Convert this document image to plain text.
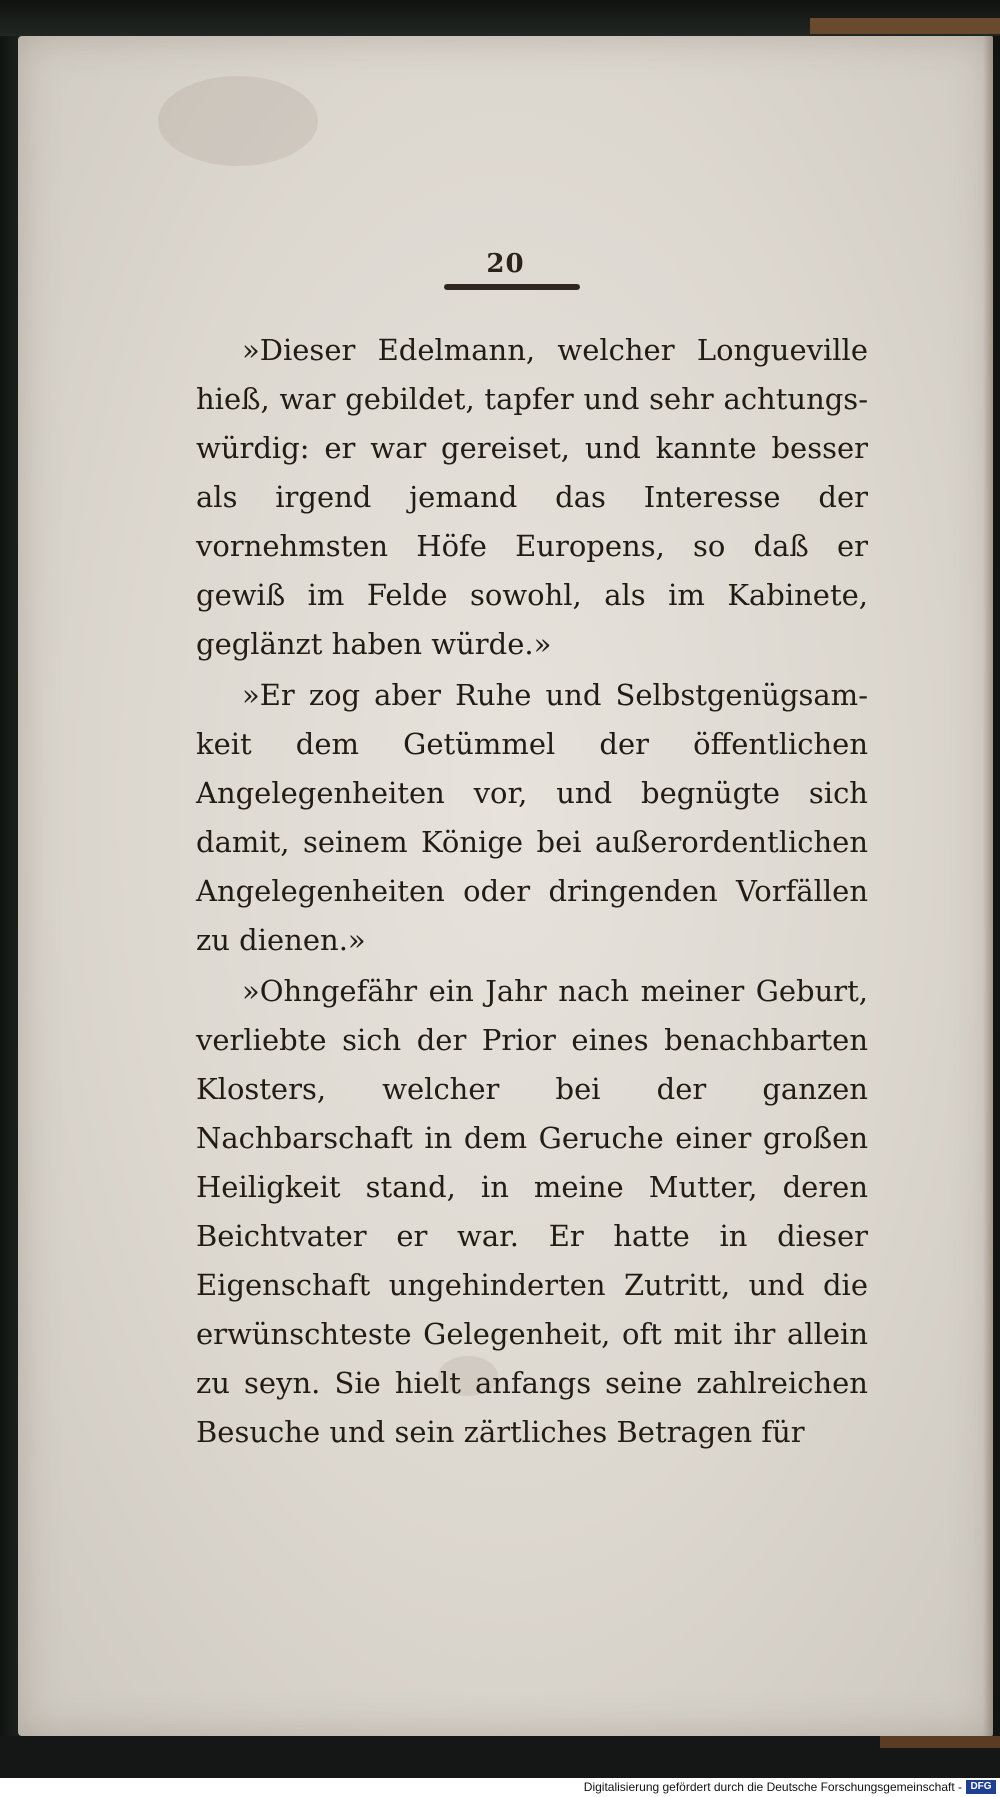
20

»Dieser Edelmann, welcher Longueville hieß, war gebildet, tapfer und sehr achtungswürdig: er war gereiset, und kannte besser als irgend jemand das Interesse der vornehmsten Höfe Europens, so daß er gewiß im Felde sowohl, als im Kabinete, geglänzt haben würde.»

»Er zog aber Ruhe und Selbstgenügsamkeit dem Getümmel der öffentlichen Angelegenheiten vor, und begnügte sich damit, seinem Könige bei außerordentlichen Angelegenheiten oder dringenden Vorfällen zu dienen.»

»Ohngefähr ein Jahr nach meiner Geburt, verliebte sich der Prior eines benachbarten Klosters, welcher bei der ganzen Nachbarschaft in dem Geruche einer großen Heiligkeit stand, in meine Mutter, deren Beichtvater er war. Er hatte in dieser Eigenschaft ungehinderten Zutritt, und die erwünschteste Gelegenheit, oft mit ihr allein zu seyn. Sie hielt anfangs seine zahlreichen Besuche und sein zärtliches Betragen für

Digitalisierung gefördert durch die Deutsche Forschungsgemeinschaft - DFG
